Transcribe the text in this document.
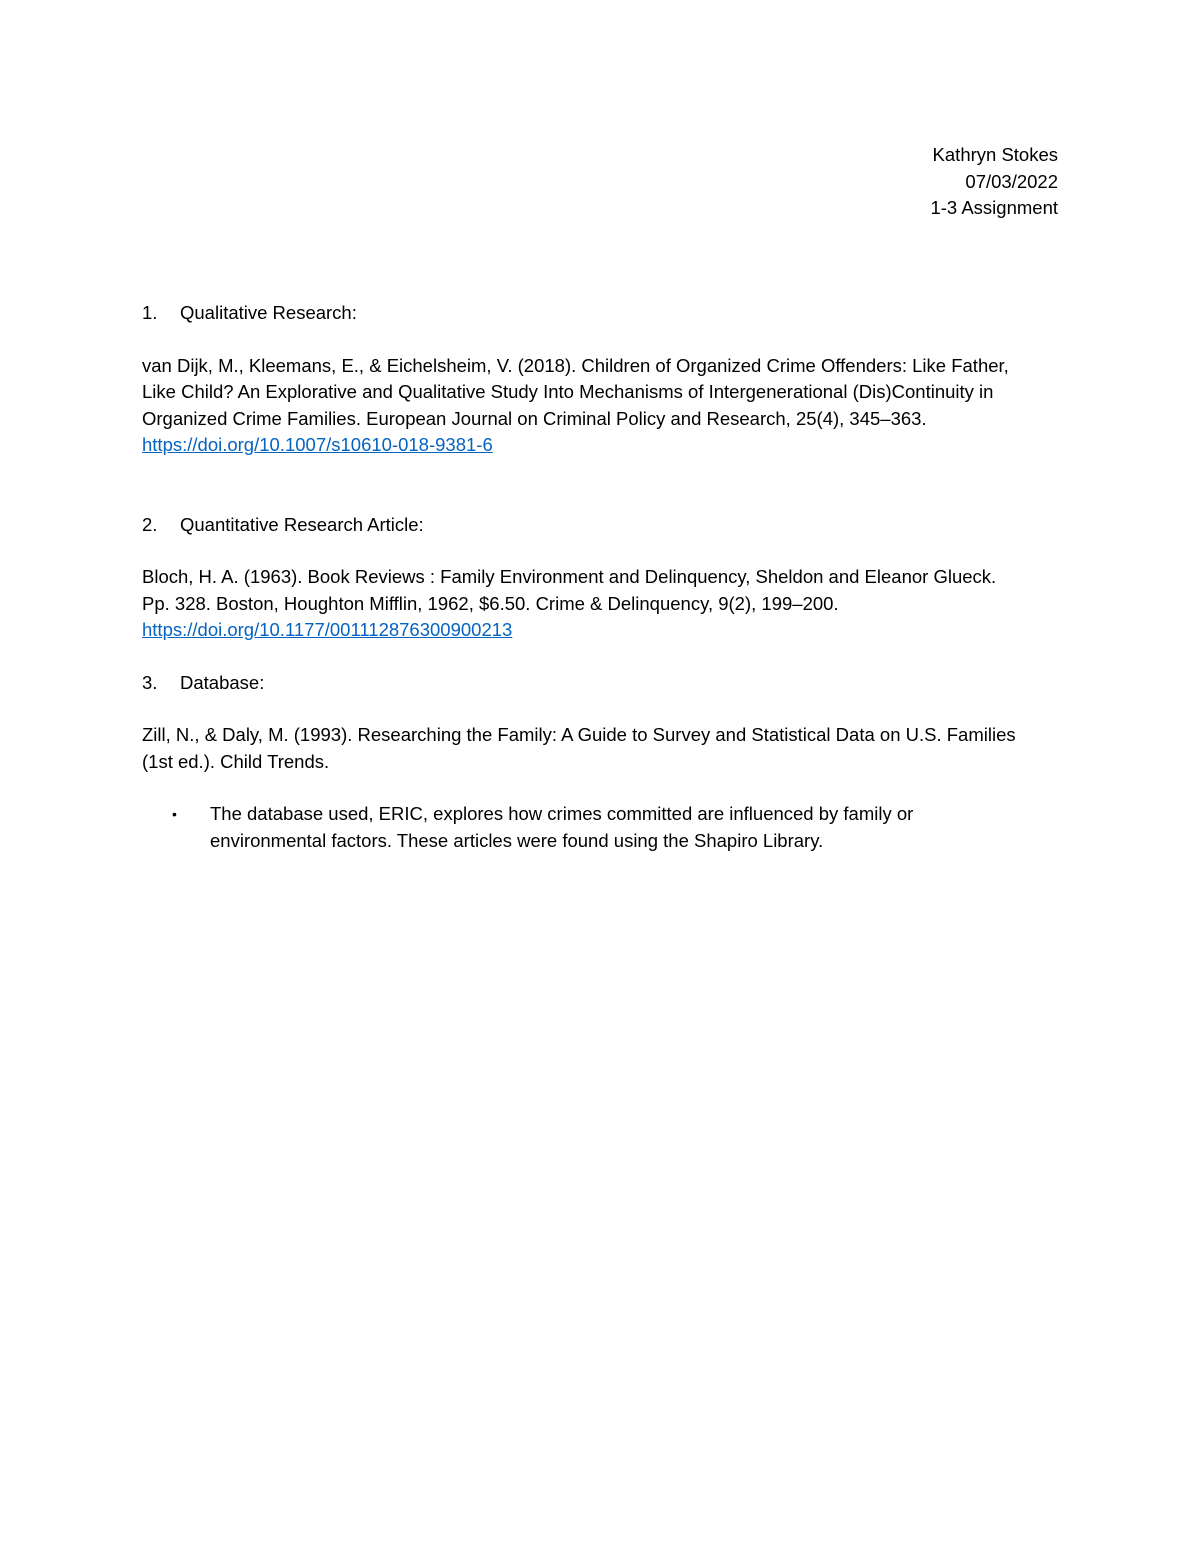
Kathryn Stokes
07/03/2022
1-3 Assignment
1.	Qualitative Research:
van Dijk, M., Kleemans, E., & Eichelsheim, V. (2018). Children of Organized Crime Offenders: Like Father,
Like Child? An Explorative and Qualitative Study Into Mechanisms of Intergenerational (Dis)Continuity in
Organized Crime Families. European Journal on Criminal Policy and Research, 25(4), 345–363.
https://doi.org/10.1007/s10610-018-9381-6
2.	Quantitative Research Article:
Bloch, H. A. (1963). Book Reviews : Family Environment and Delinquency, Sheldon and Eleanor Glueck.
Pp. 328. Boston, Houghton Mifflin, 1962, $6.50. Crime & Delinquency, 9(2), 199–200.
https://doi.org/10.1177/001112876300900213
3.	Database:
Zill, N., & Daly, M. (1993). Researching the Family: A Guide to Survey and Statistical Data on U.S. Families
(1st ed.). Child Trends.
•	The database used, ERIC, explores how crimes committed are influenced by family or
environmental factors. These articles were found using the Shapiro Library.
